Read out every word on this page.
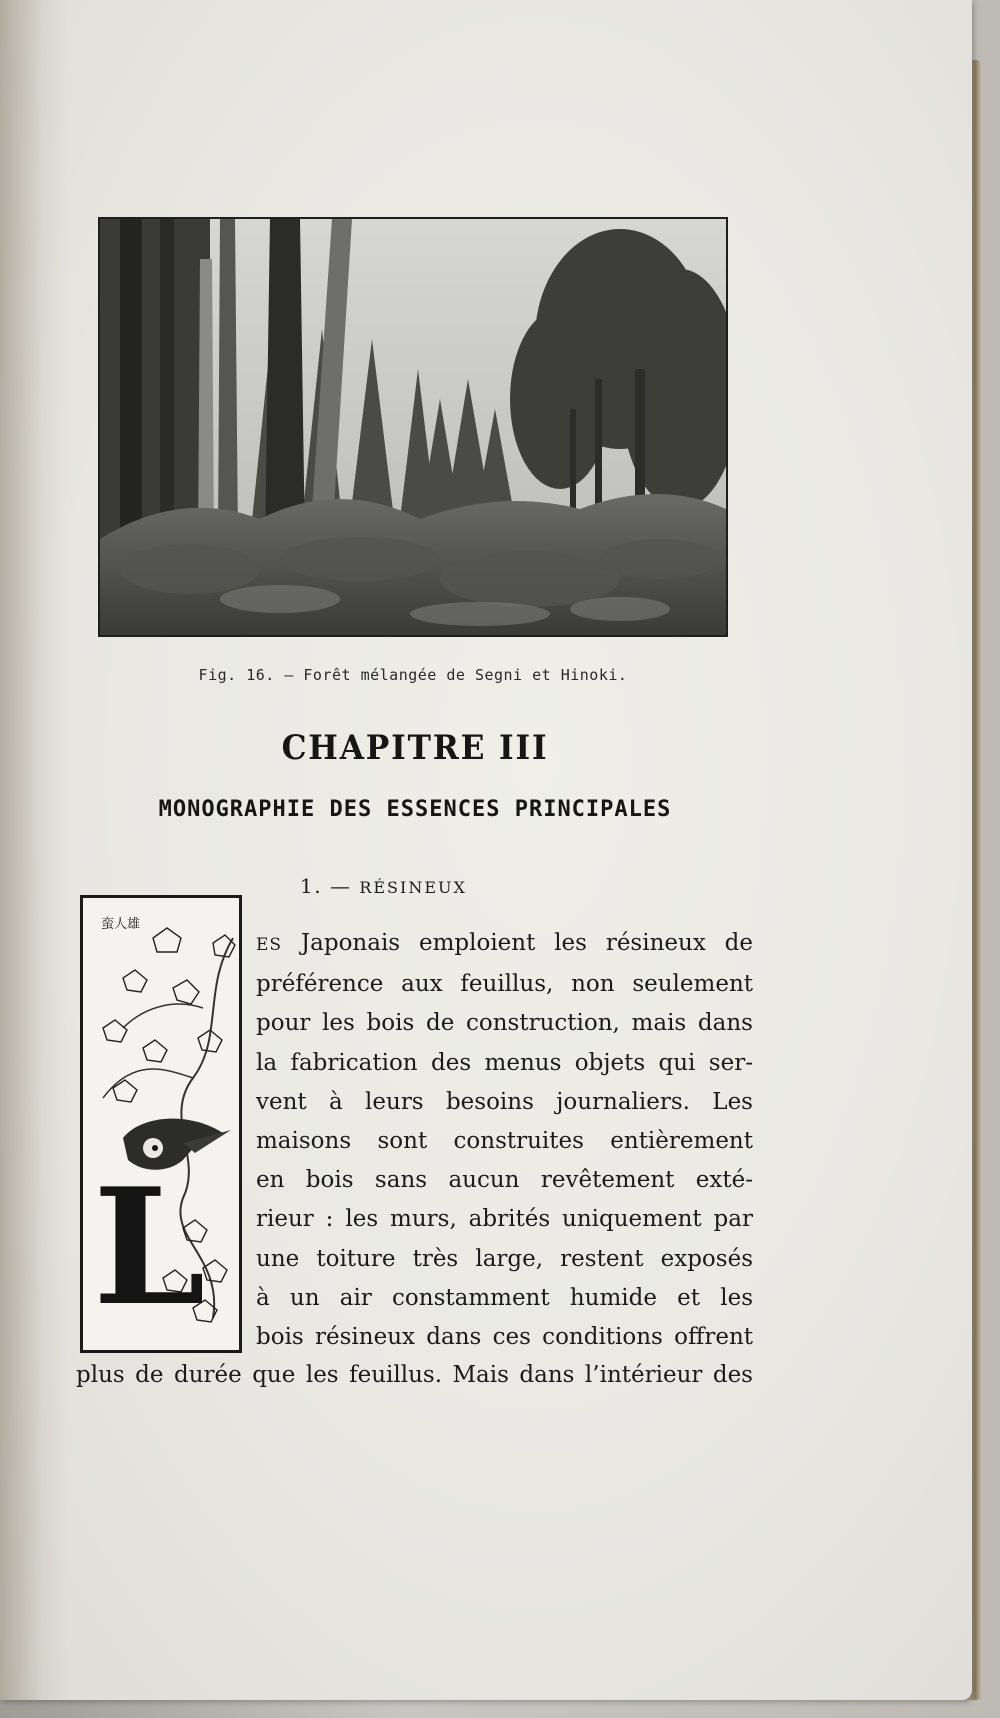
Fig. 16. — Forêt mélangée de Segni et Hinoki.
CHAPITRE III
MONOGRAPHIE DES ESSENCES PRINCIPALES
1. — RÉSINEUX
蛮人雄
L
ES Japonais emploient les résineux de
préférence aux feuillus, non seulement
pour les bois de construction, mais dans
la fabrication des menus objets qui ser-
vent à leurs besoins journaliers. Les
maisons sont construites entièrement
en bois sans aucun revêtement exté-
rieur : les murs, abrités uniquement par
une toiture très large, restent exposés
à un air constamment humide et les
bois résineux dans ces conditions offrent
plus de durée que les feuillus. Mais dans l’intérieur des
